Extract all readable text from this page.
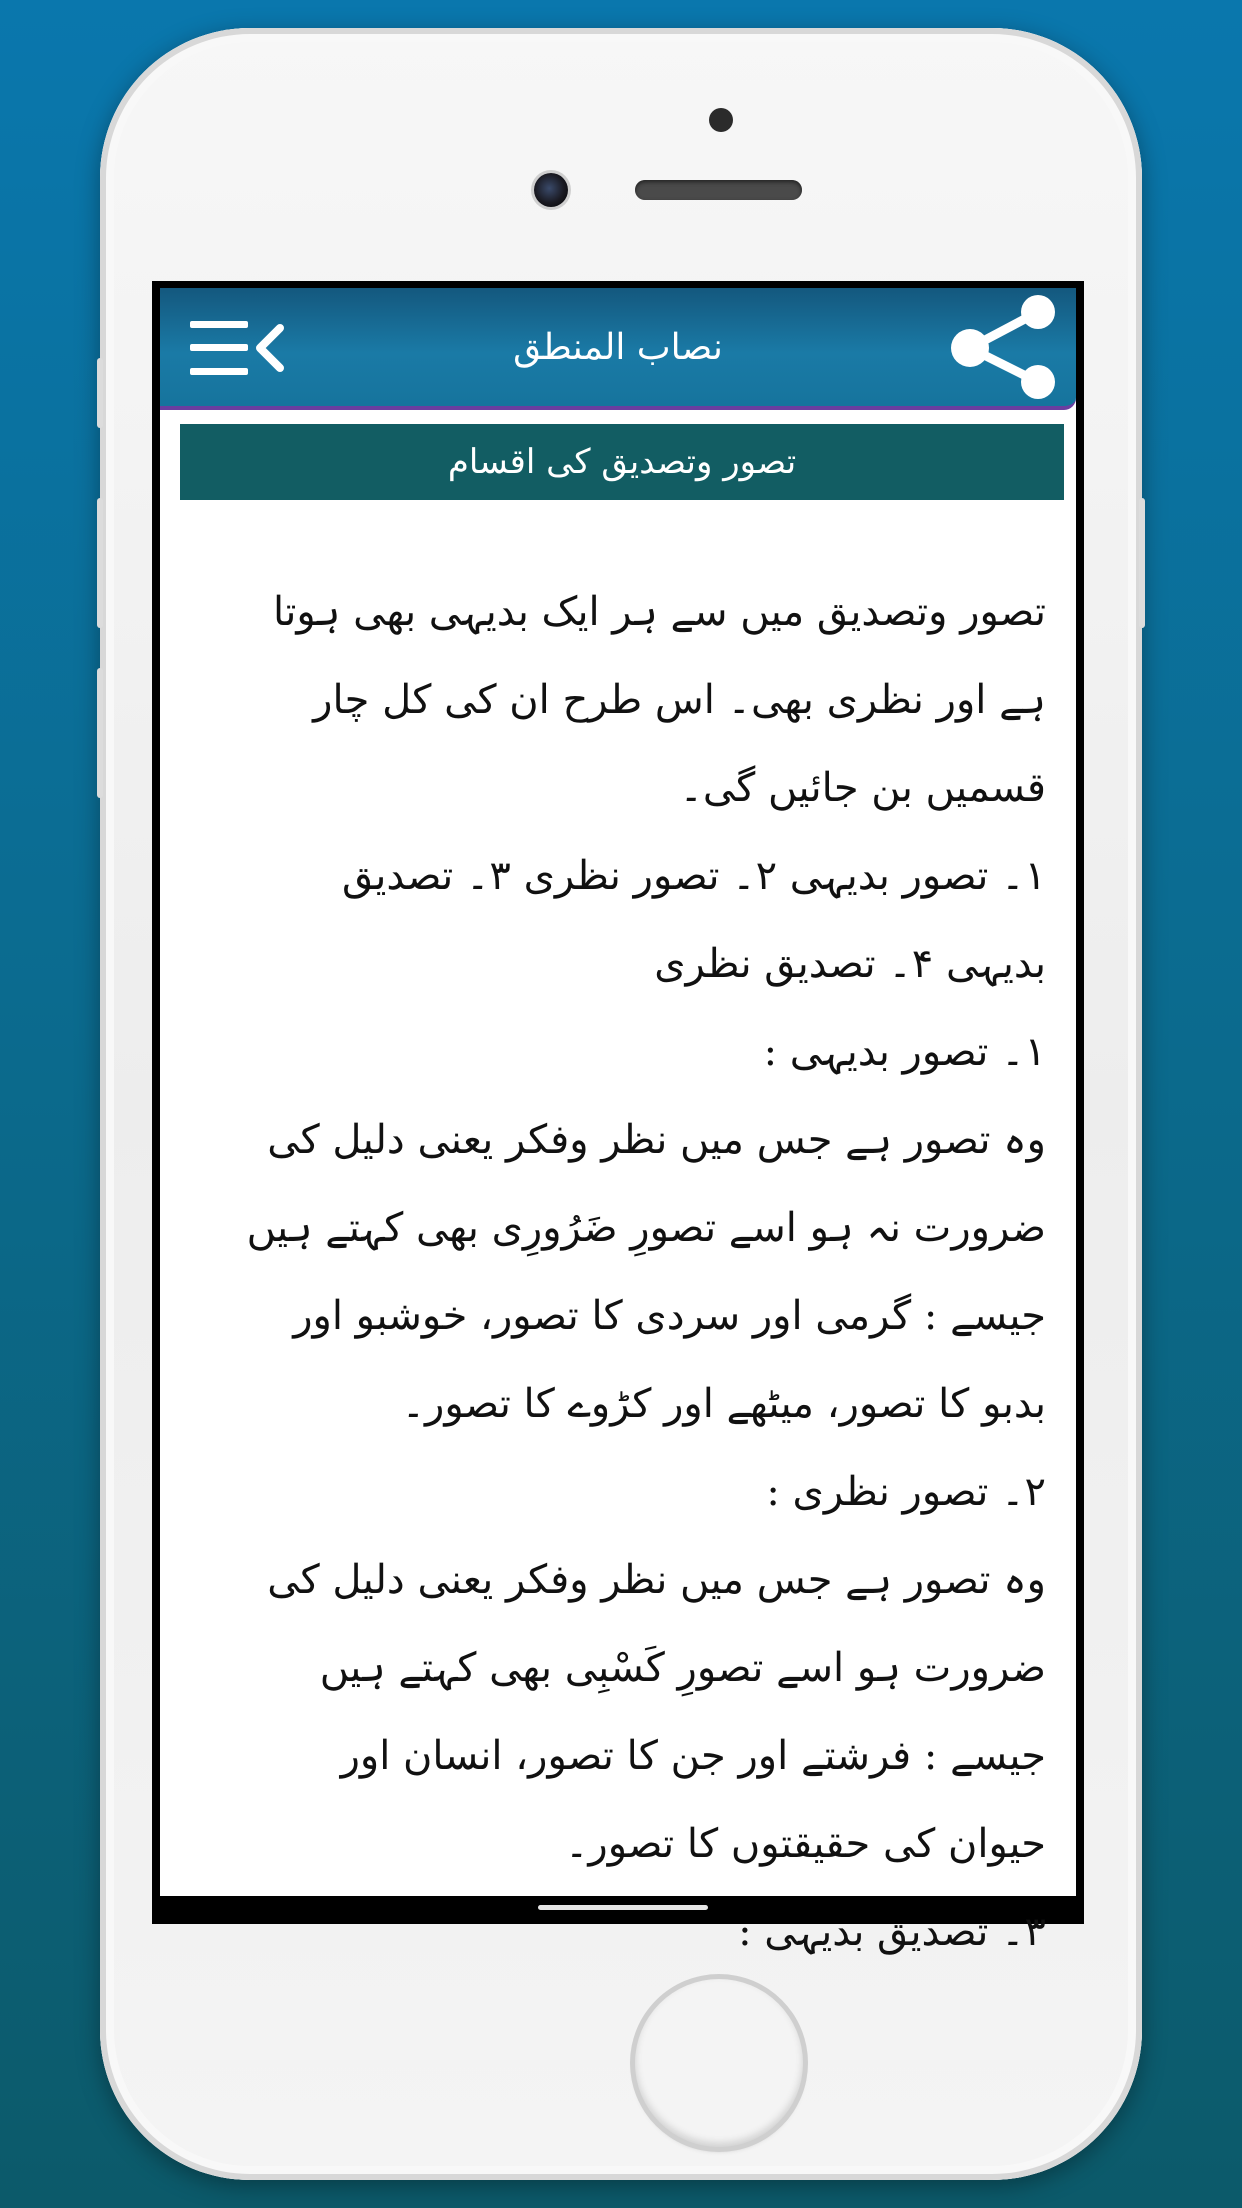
نصاب المنطق
تصور وتصدیق کی اقسام

تصور وتصدیق میں سے ہر ایک بدیہی بھی ہوتا ہے اور نظری بھی۔ اس طرح ان کی کل چار قسمیں بن جائیں گی۔

۱۔ تصور بدیہی ۲۔ تصور نظری ۳۔ تصدیق بدیہی ۴۔ تصدیق نظری

۱۔ تصور بدیہی :

وہ تصور ہے جس میں نظر وفکر یعنی دلیل کی ضرورت نہ ہو اسے تصورِ ضَرُورِی بھی کہتے ہیں جیسے : گرمی اور سردی کا تصور، خوشبو اور بدبو کا تصور، میٹھے اور کڑوے کا تصور۔

۲۔ تصور نظری :

وہ تصور ہے جس میں نظر وفکر یعنی دلیل کی ضرورت ہو اسے تصورِ کَسْبِی بھی کہتے ہیں جیسے : فرشتے اور جن کا تصور، انسان اور حیوان کی حقیقتوں کا تصور۔

۳۔ تصدیق بدیہی :
